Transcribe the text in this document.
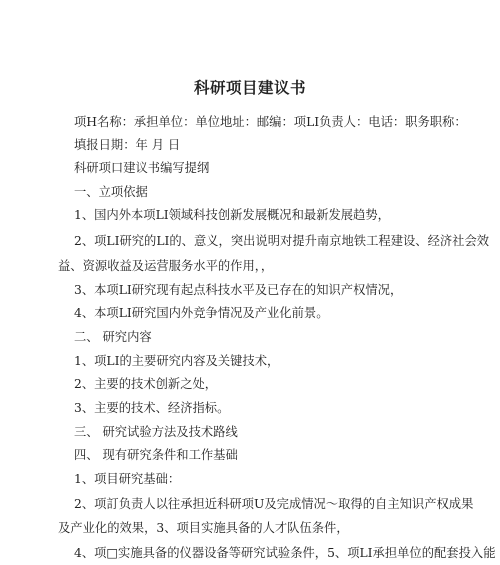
科研项目建议书
项H名称：承担单位：单位地址：邮编：项LI负责人：电话：职务职称：
填报日期：年 月 日
科研项口建议书编写提纲
一、立项依据
1、国内外本项LI领域科技创新发展概况和最新发展趋势，
2、项LI研究的LI的、意义，突出说明对提升南京地铁工程建设、经济社会效
益、资源收益及运营服务水平的作用，，
3、本项LI研究现有起点科技水平及已存在的知识产权情况，
4、本项LI研究国内外竞争情况及产业化前景。
二、 研究内容
1、项LI的主要研究内容及关键技术，
2、主要的技术创新之处，
3、主要的技术、经济指标。
三、 研究试验方法及技术路线
四、 现有研究条件和工作基础
1、项目研究基础：
2、项訂负责人以往承担近科研项U及完成情况～取得的自主知识产权成果
及产业化的效果，3、项目实施具备的人才队伍条件，
4、项□实施具备的仪器设备等研究试验条件，5、项LI承担单位的配套投入能
